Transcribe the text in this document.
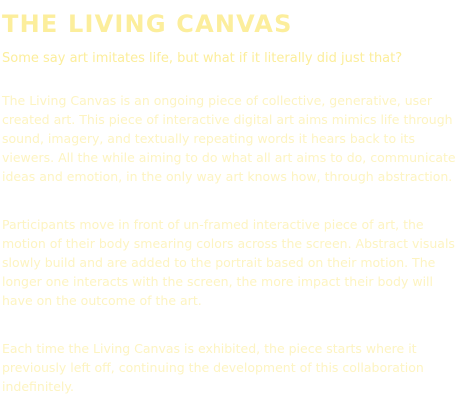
THE LIVING CANVAS

Some say art imitates life, but what if it literally did just that?

The Living Canvas is an ongoing piece of collective, generative, user created art. This piece of interactive digital art aims mimics life through sound, imagery, and textually repeating words it hears back to its viewers. All the while aiming to do what all art aims to do, communicate ideas and emotion, in the only way art knows how, through abstraction.

Participants move in front of un-framed interactive piece of art, the motion of their body smearing colors across the screen. Abstract visuals slowly build and are added to the portrait based on their motion. The longer one interacts with the screen, the more impact their body will have on the outcome of the art.

Each time the Living Canvas is exhibited, the piece starts where it previously left off, continuing the development of this collaboration indefinitely.
